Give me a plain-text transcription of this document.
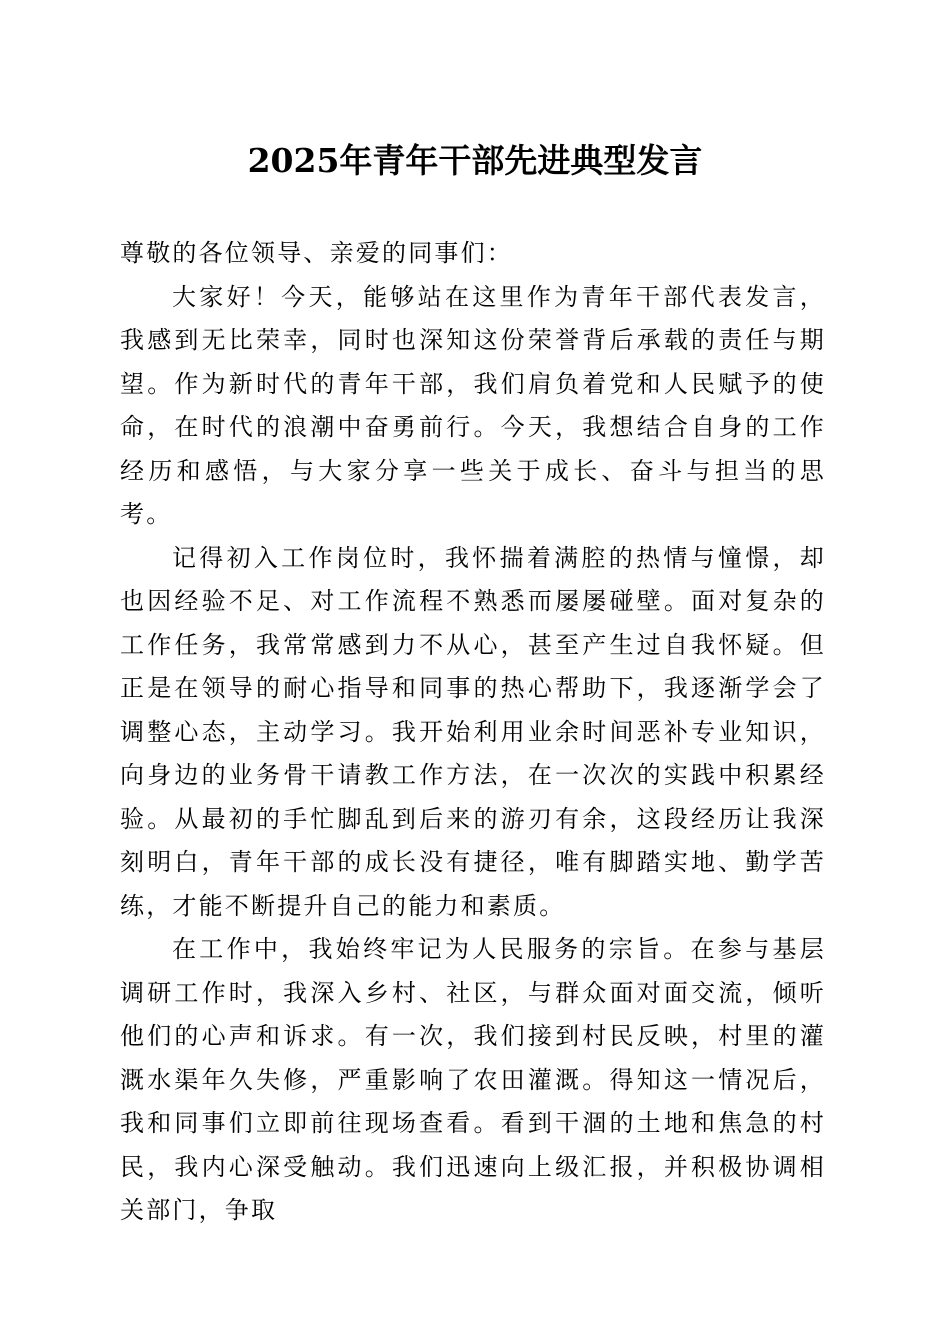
2025年青年干部先进典型发言

尊敬的各位领导、亲爱的同事们：

大家好！今天，能够站在这里作为青年干部代表发言，我感到无比荣幸，同时也深知这份荣誉背后承载的责任与期望。作为新时代的青年干部，我们肩负着党和人民赋予的使命，在时代的浪潮中奋勇前行。今天，我想结合自身的工作经历和感悟，与大家分享一些关于成长、奋斗与担当的思考。

记得初入工作岗位时，我怀揣着满腔的热情与憧憬，却也因经验不足、对工作流程不熟悉而屡屡碰壁。面对复杂的工作任务，我常常感到力不从心，甚至产生过自我怀疑。但正是在领导的耐心指导和同事的热心帮助下，我逐渐学会了调整心态，主动学习。我开始利用业余时间恶补专业知识，向身边的业务骨干请教工作方法，在一次次的实践中积累经验。从最初的手忙脚乱到后来的游刃有余，这段经历让我深刻明白，青年干部的成长没有捷径，唯有脚踏实地、勤学苦练，才能不断提升自己的能力和素质。

在工作中，我始终牢记为人民服务的宗旨。在参与基层调研工作时，我深入乡村、社区，与群众面对面交流，倾听他们的心声和诉求。有一次，我们接到村民反映，村里的灌溉水渠年久失修，严重影响了农田灌溉。得知这一情况后，我和同事们立即前往现场查看。看到干涸的土地和焦急的村民，我内心深受触动。我们迅速向上级汇报，并积极协调相关部门，争取
